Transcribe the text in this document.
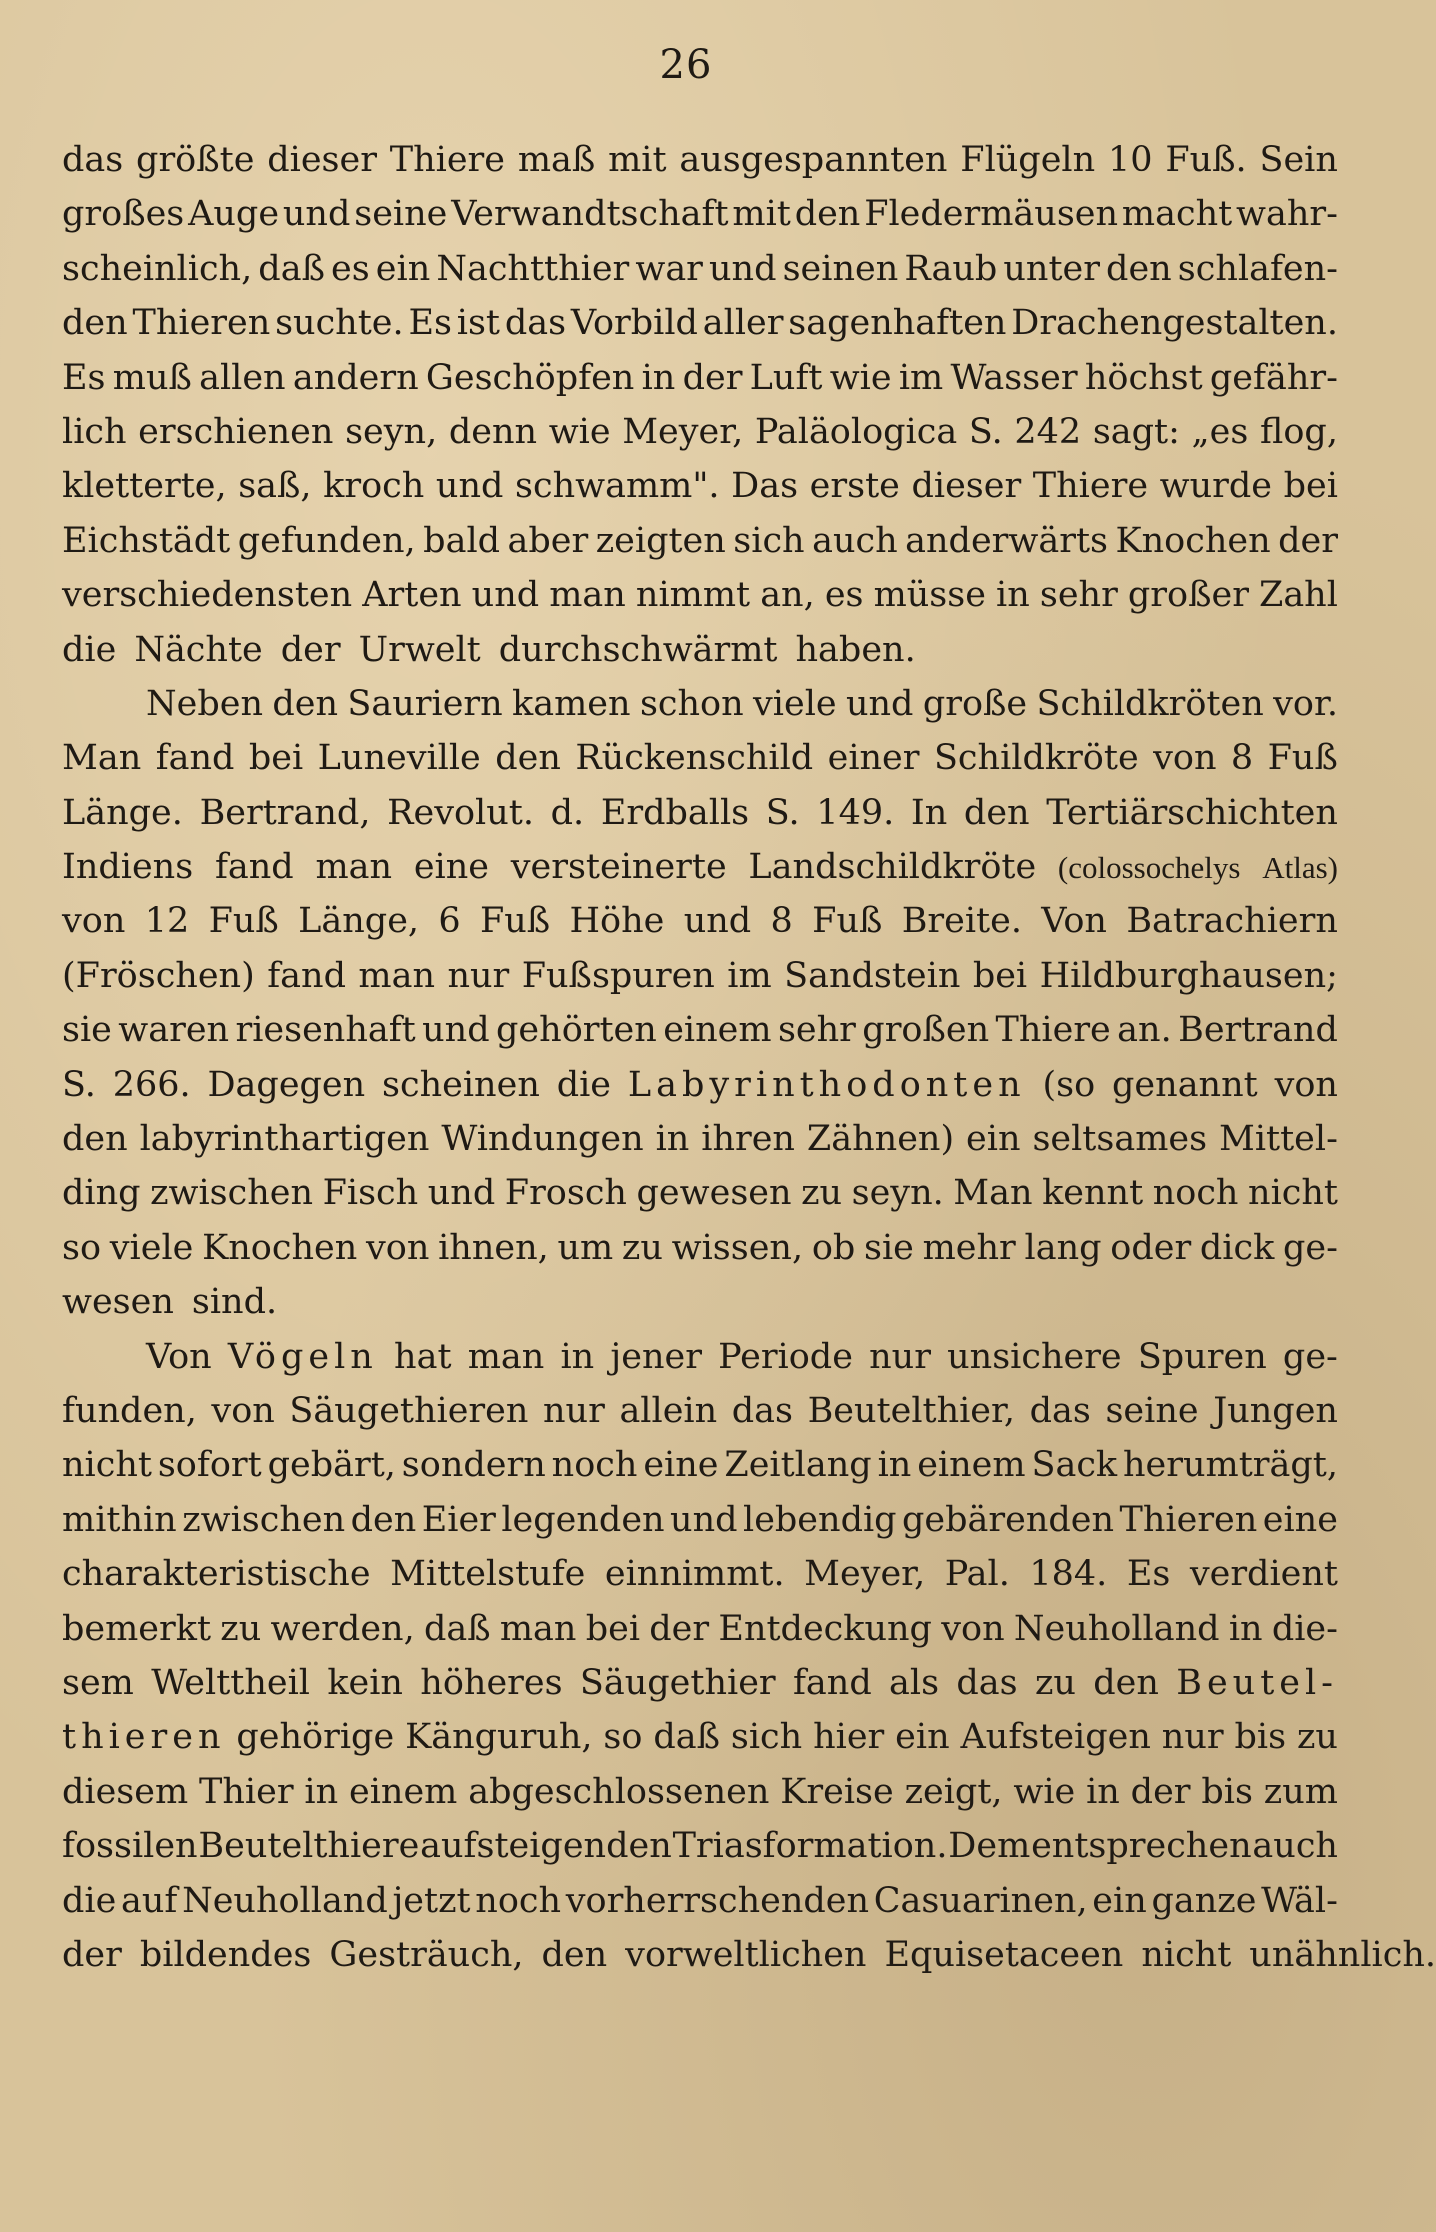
26
das größte dieser Thiere maß mit ausgespannten Flügeln 10 Fuß. Sein
großes Auge und seine Verwandtschaft mit den Fledermäusen macht wahr-
scheinlich, daß es ein Nachtthier war und seinen Raub unter den schlafen-
den Thieren suchte. Es ist das Vorbild aller sagenhaften Drachengestalten.
Es muß allen andern Geschöpfen in der Luft wie im Wasser höchst gefähr-
lich erschienen seyn, denn wie Meyer, Paläologica S. 242 sagt: „es flog,
kletterte, saß, kroch und schwamm". Das erste dieser Thiere wurde bei
Eichstädt gefunden, bald aber zeigten sich auch anderwärts Knochen der
verschiedensten Arten und man nimmt an, es müsse in sehr großer Zahl
die Nächte der Urwelt durchschwärmt haben.
Neben den Sauriern kamen schon viele und große Schildkröten vor.
Man fand bei Luneville den Rückenschild einer Schildkröte von 8 Fuß
Länge. Bertrand, Revolut. d. Erdballs S. 149. In den Tertiärschichten
Indiens fand man eine versteinerte Landschildkröte (colossochelys Atlas)
von 12 Fuß Länge, 6 Fuß Höhe und 8 Fuß Breite. Von Batrachiern
(Fröschen) fand man nur Fußspuren im Sandstein bei Hildburghausen;
sie waren riesenhaft und gehörten einem sehr großen Thiere an. Bertrand
S. 266. Dagegen scheinen die Labyrinthodonten (so genannt von
den labyrinthartigen Windungen in ihren Zähnen) ein seltsames Mittel-
ding zwischen Fisch und Frosch gewesen zu seyn. Man kennt noch nicht
so viele Knochen von ihnen, um zu wissen, ob sie mehr lang oder dick ge-
wesen sind.
Von Vögeln hat man in jener Periode nur unsichere Spuren ge-
funden, von Säugethieren nur allein das Beutelthier, das seine Jungen
nicht sofort gebärt, sondern noch eine Zeitlang in einem Sack herumträgt,
mithin zwischen den Eier legenden und lebendig gebärenden Thieren eine
charakteristische Mittelstufe einnimmt. Meyer, Pal. 184. Es verdient
bemerkt zu werden, daß man bei der Entdeckung von Neuholland in die-
sem Welttheil kein höheres Säugethier fand als das zu den Beutel-
thieren gehörige Känguruh, so daß sich hier ein Aufsteigen nur bis zu
diesem Thier in einem abgeschlossenen Kreise zeigt, wie in der bis zum
fossilen Beutelthiere aufsteigenden Triasformation. Dem entsprechen auch
die auf Neuholland jetzt noch vorherrschenden Casuarinen, ein ganze Wäl-
der bildendes Gesträuch, den vorweltlichen Equisetaceen nicht unähnlich.
